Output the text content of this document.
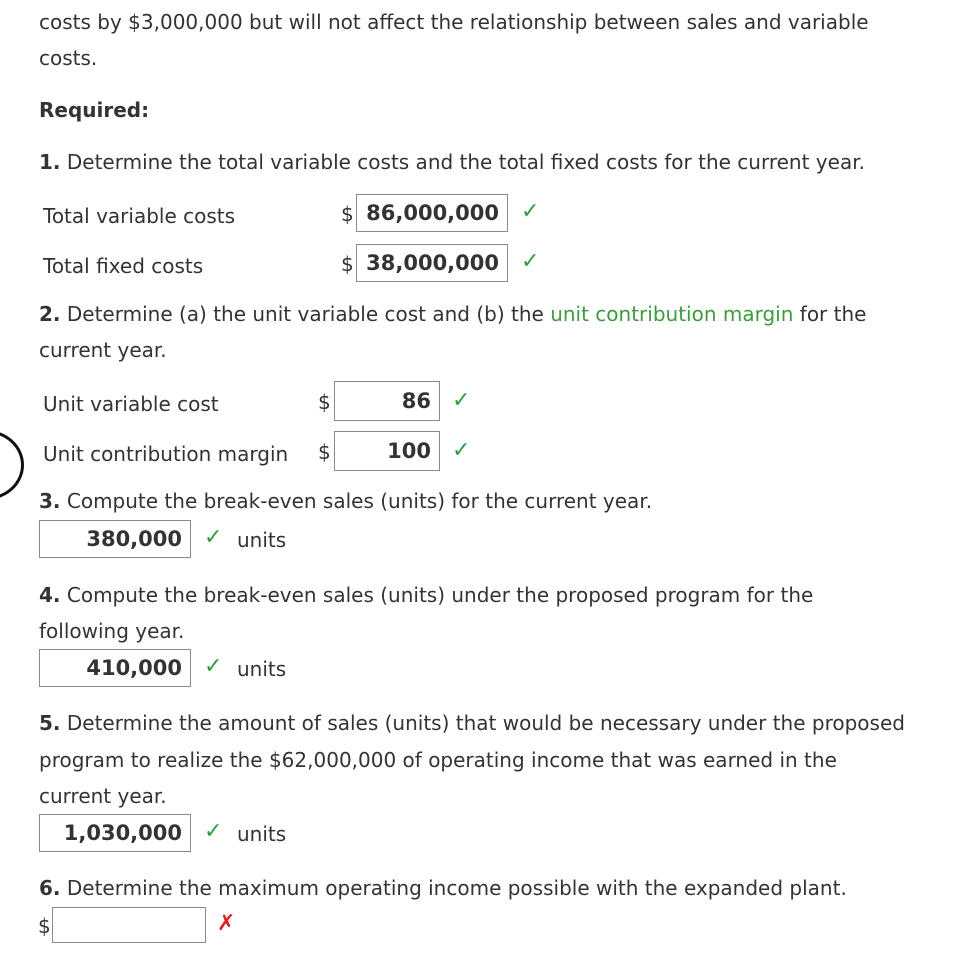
costs by $3,000,000 but will not affect the relationship between sales and variable
costs.
Required:
1. Determine the total variable costs and the total fixed costs for the current year.
Total variable costs	$ 86,000,000	✓
Total fixed costs	$ 38,000,000	✓
2. Determine (a) the unit variable cost and (b) the unit contribution margin for the
current year.
Unit variable cost	$	86 ✓
Unit contribution margin $	100 ✓
3. Compute the break-even sales (units) for the current year.
380,000	✓ units
4. Compute the break-even sales (units) under the proposed program for the
following year.
410,000	✓ units
5. Determine the amount of sales (units) that would be necessary under the proposed
program to realize the $62,000,000 of operating income that was earned in the
current year.
1,030,000	✓ units
6. Determine the maximum operating income possible with the expanded plant.
$	✗
